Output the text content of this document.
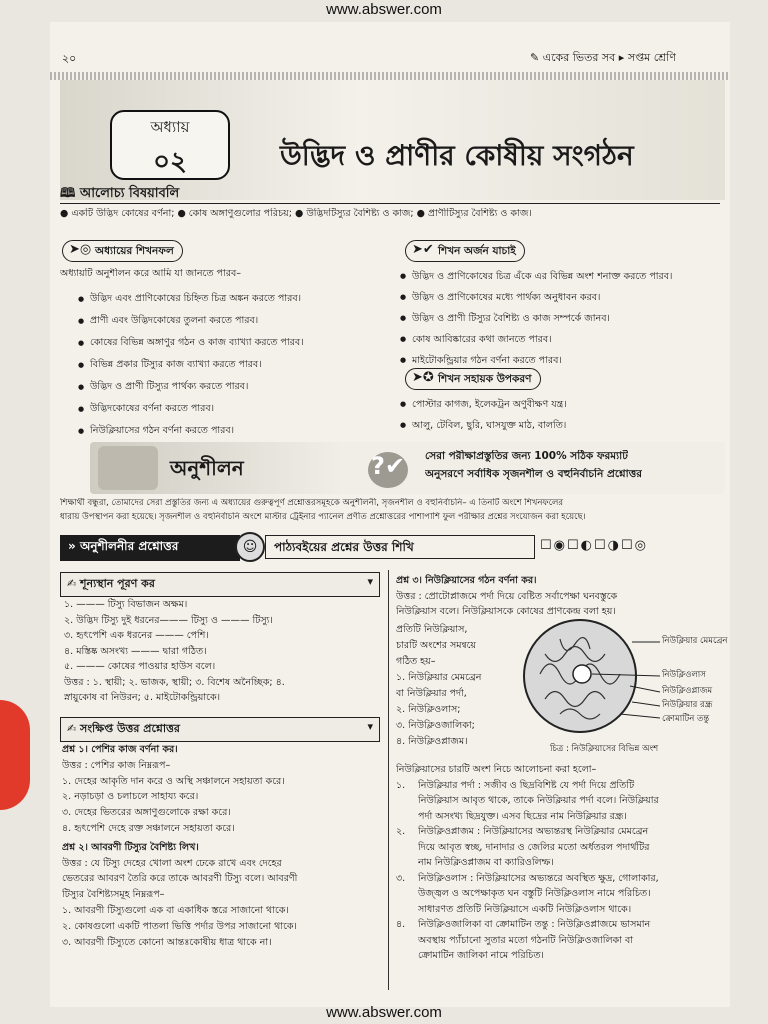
www.abswer.com
২০	✎ একের ভিতর সব ▸ সপ্তম শ্রেণি
অধ্যায়
০২	উদ্ভিদ ও প্রাণীর কোষীয় সংগঠন
🕮 আলোচ্য বিষয়াবলি
● একটি উদ্ভিদ কোষের বর্ণনা; ● কোষ অঙ্গাণুগুলোর পরিচয়; ● উদ্ভিদটিস্যুর বৈশিষ্ট্য ও কাজ; ● প্রাণীটিস্যুর বৈশিষ্ট্য ও কাজ।
➤◎ অধ্যায়ের শিখনফল
অধ্যায়টি অনুশীলন করে আমি যা জানতে পারব–
● উদ্ভিদ এবং প্রাণিকোষের চিহ্নিত চিত্র অঙ্কন করতে পারব।
● প্রাণী এবং উদ্ভিদকোষের তুলনা করতে পারব।
● কোষের বিভিন্ন অঙ্গাণুর গঠন ও কাজ ব্যাখ্যা করতে পারব।
● বিভিন্ন প্রকার টিস্যুর কাজ ব্যাখ্যা করতে পারব।
● উদ্ভিদ ও প্রাণী টিস্যুর পার্থক্য করতে পারব।
● উদ্ভিদকোষের বর্ণনা করতে পারব।
● নিউক্লিয়াসের গঠন বর্ণনা করতে পারব।
➤✔ শিখন অর্জন যাচাই
● উদ্ভিদ ও প্রাণিকোষের চিত্র এঁকে এর বিভিন্ন অংশ শনাক্ত করতে পারব।
● উদ্ভিদ ও প্রাণিকোষের মধ্যে পার্থক্য অনুধাবন করব।
● উদ্ভিদ ও প্রাণী টিস্যুর বৈশিষ্ট্য ও কাজ সম্পর্কে জানব।
● কোষ আবিষ্কারের কথা জানতে পারব।
● মাইটোকন্ড্রিয়ার গঠন বর্ণনা করতে পারব।
➤✪ শিখন সহায়ক উপকরণ
● পোস্টার কাগজ, ইলেকট্রন অণুবীক্ষণ যন্ত্র।
● আলু, টেবিল, ছুরি, ঘাসযুক্ত মাঠ, বালতি।
অনুশীলন	?✔ সেরা পরীক্ষাপ্রস্তুতির জন্য 100% সঠিক ফরম্যাট
অনুসরণে সর্বাধিক সৃজনশীল ও বহুনির্বাচনি প্রশ্নোত্তর
শিক্ষার্থী বন্ধুরা, তোমাদের সেরা প্রস্তুতির জন্য এ অধ্যায়ের গুরুত্বপূর্ণ প্রশ্নোত্তরসমূহকে অনুশীলনী, সৃজনশীল ও বহুনির্বাচনি– এ তিনটি অংশে শিখনফলের
ধারায় উপস্থাপন করা হয়েছে। সৃজনশীল ও বহুনির্বাচনি অংশে মাস্টার ট্রেইনার প্যানেল প্রণীত প্রশ্নোত্তরের পাশাপাশি ফুল পরীক্ষার প্রশ্নের সংযোজন করা হয়েছে।
» অনুশীলনীর প্রশ্নোত্তর	☺	পাঠ্যবইয়ের প্রশ্নের উত্তর শিখি	☐◉☐◐☐◑☐◎
✍ শূন্যস্থান পূরণ কর	▾
১. ——— টিস্যু বিভাজন অক্ষম।
২. উদ্ভিদ টিস্যু দুই ধরনের——— টিস্যু ও ——— টিস্যু।
৩. হৃৎপেশি এক ধরনের ——— পেশি।
৪. মস্তিষ্ক অসংখ্য ——— দ্বারা গঠিত।
৫. ——— কোষের পাওয়ার হাউস বলে।
উত্তর : ১. স্থায়ী; ২. ভাজক, স্থায়ী; ৩. বিশেষ অনৈচ্ছিক; ৪.
স্নায়ুকোষ বা নিউরন; ৫. মাইটোকন্ড্রিয়াকে।
✍ সংক্ষিপ্ত উত্তর প্রশ্নোত্তর	▾
প্রশ্ন ১। পেশির কাজ বর্ণনা কর।
উত্তর : পেশির কাজ নিম্নরূপ–
১. দেহের আকৃতি দান করে ও অস্থি সঞ্চালনে সহায়তা করে।
২. নড়াচড়া ও চলাচলে সাহায্য করে।
৩. দেহের ভিতরের অঙ্গাণুগুলোকে রক্ষা করে।
৪. হৃৎপেশি দেহে রক্ত সঞ্চালনে সহায়তা করে।
প্রশ্ন ২। আবরণী টিস্যুর বৈশিষ্ট্য লিখ।
উত্তর : যে টিস্যু দেহের খোলা অংশ ঢেকে রাখে এবং দেহের
ভেতরের আবরণ তৈরি করে তাকে আবরণী টিস্যু বলে। আবরণী
টিস্যুর বৈশিষ্ট্যসমূহ নিম্নরূপ–
১. আবরণী টিস্যুগুলো এক বা একাধিক স্তরে সাজানো থাকে।
২. কোষগুলো একটি পাতলা ভিত্তি পর্দার উপর সাজানো থাকে।
৩. আবরণী টিস্যুতে কোনো আন্তঃকোষীয় ধাত্র থাকে না।
প্রশ্ন ৩। নিউক্লিয়াসের গঠন বর্ণনা কর।
উত্তর : প্রোটোপ্লাজমে পর্দা দিয়ে বেষ্টিত সর্বাপেক্ষা ঘনবস্তুকে
নিউক্লিয়াস বলে। নিউক্লিয়াসকে কোষের প্রাণকেন্দ্র বলা হয়।
প্রতিটি নিউক্লিয়াস,
চারটি অংশের সমন্বয়ে
গঠিত হয়–
১. নিউক্লিয়ার মেমব্রেন
বা নিউক্লিয়ার পর্দা,
২. নিউক্লিওলাস;
৩. নিউক্লিওজালিকা;
৪. নিউক্লিওপ্লাজম।
নিউক্লিয়ার মেমব্রেন
নিউক্লিওলাস
নিউক্লিওপ্লাজম
নিউক্লিয়ার রন্ধ্র
ক্রোমাটিন তন্তু
চিত্র : নিউক্লিয়াসের বিভিন্ন অংশ
নিউক্লিয়াসের চারটি অংশ নিচে আলোচনা করা হলো–
১.	নিউক্লিয়ার পর্দা : সজীব ও ছিদ্রবিশিষ্ট যে পর্দা দিয়ে প্রতিটি
নিউক্লিয়াস আবৃত থাকে, তাকে নিউক্লিয়ার পর্দা বলে। নিউক্লিয়ার
পর্দা অসংখ্য ছিদ্রযুক্ত। এসব ছিদ্রের নাম নিউক্লিয়ার রন্ধ্র।
২.	নিউক্লিওপ্লাজম : নিউক্লিয়াসের অভ্যন্তরস্থ নিউক্লিয়ার মেমব্রেন
দিয়ে আবৃত স্বচ্ছ, দানাদার ও জেলির মতো অর্ধতরল পদার্থটির
নাম নিউক্লিওপ্লাজম বা ক্যারিওলিম্ফ।
৩.	নিউক্লিওলাস : নিউক্লিয়াসের অভ্যন্তরে অবস্থিত ক্ষুদ্র, গোলাকার,
উজ্জ্বল ও অপেক্ষাকৃত ঘন বস্তুটি নিউক্লিওলাস নামে পরিচিত।
সাধারণত প্রতিটি নিউক্লিয়াসে একটি নিউক্লিওলাস থাকে।
৪.	নিউক্লিওজালিকা বা ক্রোমাটিন তন্তু : নিউক্লিওপ্লাজমে ভাসমান
অবস্থায় প্যাঁচানো সুতার মতো গঠনটি নিউক্লিওজালিকা বা
ক্রোমাটিন জালিকা নামে পরিচিত।
www.abswer.com
